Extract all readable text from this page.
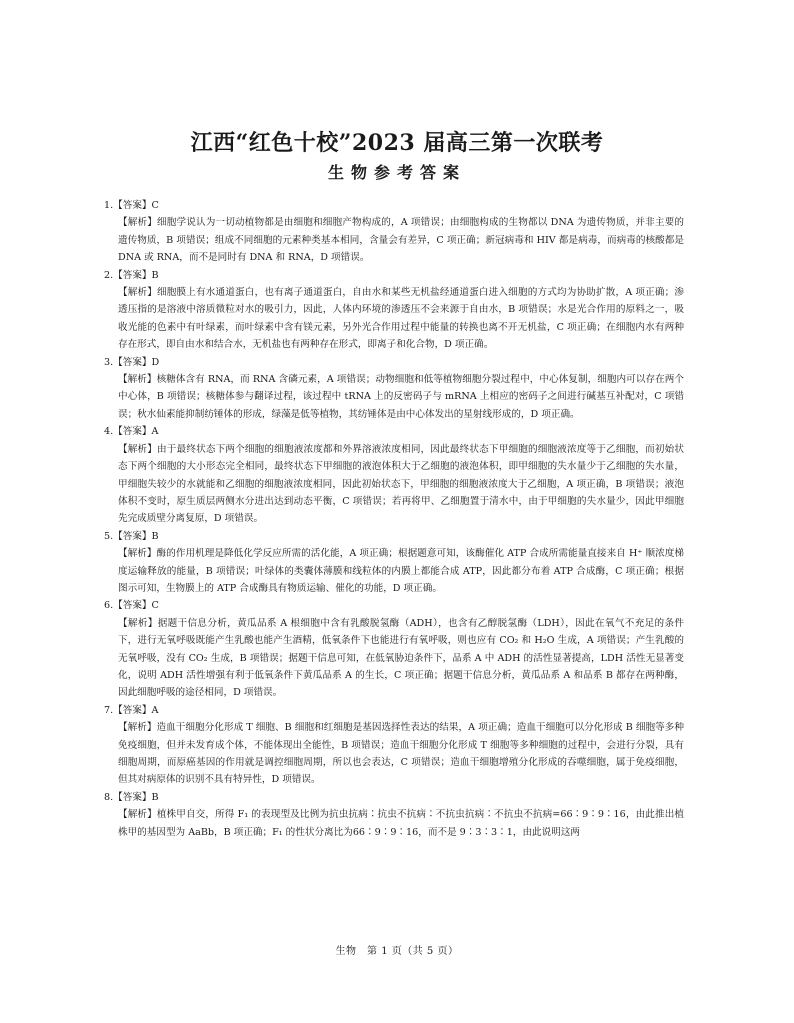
江西“红色十校”2023 届高三第一次联考
生物参考答案
1.【答案】C
【解析】细胞学说认为一切动植物都是由细胞和细胞产物构成的，A 项错误；由细胞构成的生物都以 DNA 为遗传物质，并非主要的遗传物质，B 项错误；组成不同细胞的元素种类基本相同，含量会有差异，C 项正确；新冠病毒和 HIV 都是病毒，而病毒的核酸都是 DNA 或 RNA，而不是同时有 DNA 和 RNA，D 项错误。
2.【答案】B
【解析】细胞膜上有水通道蛋白，也有离子通道蛋白，自由水和某些无机盐经通道蛋白进入细胞的方式均为协助扩散，A 项正确；渗透压指的是溶液中溶质微粒对水的吸引力，因此，人体内环境的渗透压不会来源于自由水，B 项错误；水是光合作用的原料之一，吸收光能的色素中有叶绿素，而叶绿素中含有镁元素，另外光合作用过程中能量的转换也离不开无机盐，C 项正确；在细胞内水有两种存在形式，即自由水和结合水，无机盐也有两种存在形式，即离子和化合物，D 项正确。
3.【答案】D
【解析】核糖体含有 RNA，而 RNA 含磷元素，A 项错误；动物细胞和低等植物细胞分裂过程中，中心体复制，细胞内可以存在两个中心体，B 项错误；核糖体参与翻译过程，该过程中 tRNA 上的反密码子与 mRNA 上相应的密码子之间进行碱基互补配对，C 项错误；秋水仙素能抑制纺锤体的形成，绿藻是低等植物，其纺锤体是由中心体发出的星射线形成的，D 项正确。
4.【答案】A
【解析】由于最终状态下两个细胞的细胞液浓度都和外界溶液浓度相同，因此最终状态下甲细胞的细胞液浓度等于乙细胞，而初始状态下两个细胞的大小形态完全相同，最终状态下甲细胞的液泡体积大于乙细胞的液泡体积，即甲细胞的失水量少于乙细胞的失水量，甲细胞失较少的水就能和乙细胞的细胞液浓度相同，因此初始状态下，甲细胞的细胞液浓度大于乙细胞，A 项正确，B 项错误；液泡体积不变时，原生质层两侧水分进出达到动态平衡，C 项错误；若再将甲、乙细胞置于清水中，由于甲细胞的失水量少，因此甲细胞先完成质壁分离复原，D 项错误。
5.【答案】B
【解析】酶的作用机理是降低化学反应所需的活化能，A 项正确；根据题意可知，该酶催化 ATP 合成所需能量直接来自 H⁺ 顺浓度梯度运输释放的能量，B 项错误；叶绿体的类囊体薄膜和线粒体的内膜上都能合成 ATP，因此都分布着 ATP 合成酶，C 项正确；根据图示可知，生物膜上的 ATP 合成酶具有物质运输、催化的功能，D 项正确。
6.【答案】C
【解析】据题干信息分析，黄瓜品系 A 根细胞中含有乳酸脱氢酶（ADH），也含有乙醇脱氢酶（LDH），因此在氧气不充足的条件下，进行无氧呼吸既能产生乳酸也能产生酒精，低氧条件下也能进行有氧呼吸，则也应有 CO₂ 和 H₂O 生成，A 项错误；产生乳酸的无氧呼吸，没有 CO₂ 生成，B 项错误；据题干信息可知，在低氧胁迫条件下，品系 A 中 ADH 的活性显著提高，LDH 活性无显著变化，说明 ADH 活性增强有利于低氧条件下黄瓜品系 A 的生长，C 项正确；据题干信息分析，黄瓜品系 A 和品系 B 都存在两种酶，因此细胞呼吸的途径相同，D 项错误。
7.【答案】A
【解析】造血干细胞分化形成 T 细胞、B 细胞和红细胞是基因选择性表达的结果，A 项正确；造血干细胞可以分化形成 B 细胞等多种免疫细胞，但并未发育成个体，不能体现出全能性，B 项错误；造血干细胞分化形成 T 细胞等多种细胞的过程中，会进行分裂，具有细胞周期，而原癌基因的作用就是调控细胞周期，所以也会表达，C 项错误；造血干细胞增殖分化形成的吞噬细胞，属于免疫细胞，但其对病原体的识别不具有特异性，D 项错误。
8.【答案】B
【解析】植株甲自交，所得 F₁ 的表现型及比例为抗虫抗病∶抗虫不抗病∶不抗虫抗病∶不抗虫不抗病=66∶9∶9∶16，由此推出植株甲的基因型为 AaBb，B 项正确；F₁ 的性状分离比为66∶9∶9∶16，而不是 9∶3∶3∶1，由此说明这两
生物　第 1 页（共 5 页）
